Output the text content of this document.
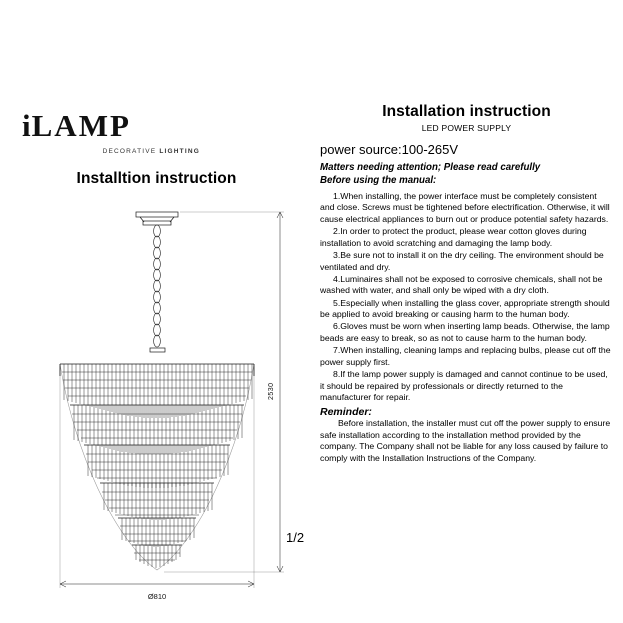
iLAMP
DECORATIVE LIGHTING
Installtion instruction
2530
Ø810
Installation instruction
LED POWER SUPPLY
power source:100-265V
Matters needing attention; Please read carefully
Before using the manual:

1.When installing, the power interface must be completely consistent and close. Screws must be tightened before electrification. Otherwise, it will cause electrical appliances to burn out or produce potential safety hazards.

2.In order to protect the product, please wear cotton gloves during installation to avoid scratching and damaging the lamp body.

3.Be sure not to install it on the dry ceiling. The environment should be ventilated and dry.

4.Luminaires shall not be exposed to corrosive chemicals, shall not be washed with water, and shall only be wiped with a dry cloth.

5.Especially when installing the glass cover, appropriate strength should be applied to avoid breaking or causing harm to the human body.

6.Gloves must be worn when inserting lamp beads. Otherwise, the lamp beads are easy to break, so as not to cause harm to the human body.

7.When installing, cleaning lamps and replacing bulbs, please cut off the power supply first.

8.If the lamp power supply is damaged and cannot continue to be used, it should be repaired by professionals or directly returned to the manufacturer for repair.

Reminder:
Before installation, the installer must cut off the power supply to ensure safe installation according to the installation method provided by the company. The Company shall not be liable for any loss caused by failure to comply with the Installation Instructions of the Company.
1/2
